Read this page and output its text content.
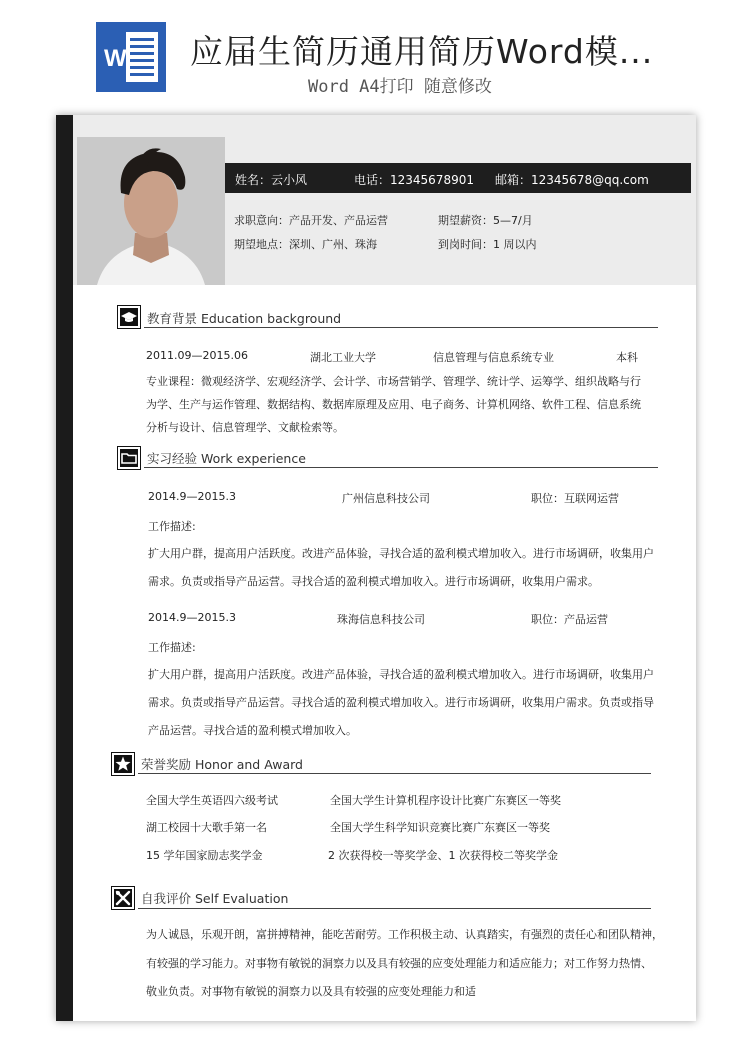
W 应届生简历通用简历Word模...
Word A4打印 随意修改
姓名：云小风	电话：12345678901 邮箱：12345678@qq.com
求职意向：产品开发、产品运营	期望薪资：5—7/月
期望地点：深圳、广州、珠海	到岗时间：1 周以内
教育背景 Education background
2011.09—2015.06	湖北工业大学	信息管理与信息系统专业	本科
专业课程：微观经济学、宏观经济学、会计学、市场营销学、管理学、统计学、运筹学、组织战略与行
为学、生产与运作管理、数据结构、数据库原理及应用、电子商务、计算机网络、软件工程、信息系统
分析与设计、信息管理学、文献检索等。
实习经验 Work experience
2014.9—2015.3	广州信息科技公司	职位：互联网运营
工作描述:
扩大用户群，提高用户活跃度。改进产品体验，寻找合适的盈利模式增加收入。进行市场调研，收集用户
需求。负责或指导产品运营。寻找合适的盈利模式增加收入。进行市场调研，收集用户需求。
2014.9—2015.3	珠海信息科技公司	职位：产品运营
工作描述:
扩大用户群，提高用户活跃度。改进产品体验，寻找合适的盈利模式增加收入。进行市场调研，收集用户
需求。负责或指导产品运营。寻找合适的盈利模式增加收入。进行市场调研，收集用户需求。负责或指导
产品运营。寻找合适的盈利模式增加收入。
荣誉奖励 Honor and Award
全国大学生英语四六级考试	全国大学生计算机程序设计比赛广东赛区一等奖
湖工校园十大歌手第一名	全国大学生科学知识竞赛比赛广东赛区一等奖
15 学年国家励志奖学金	2 次获得校一等奖学金、1 次获得校二等奖学金
自我评价 Self Evaluation
为人诚恳，乐观开朗，富拼搏精神，能吃苦耐劳。工作积极主动、认真踏实，有强烈的责任心和团队精神，
有较强的学习能力。对事物有敏锐的洞察力以及具有较强的应变处理能力和适应能力；对工作努力热情、
敬业负责。对事物有敏锐的洞察力以及具有较强的应变处理能力和适
